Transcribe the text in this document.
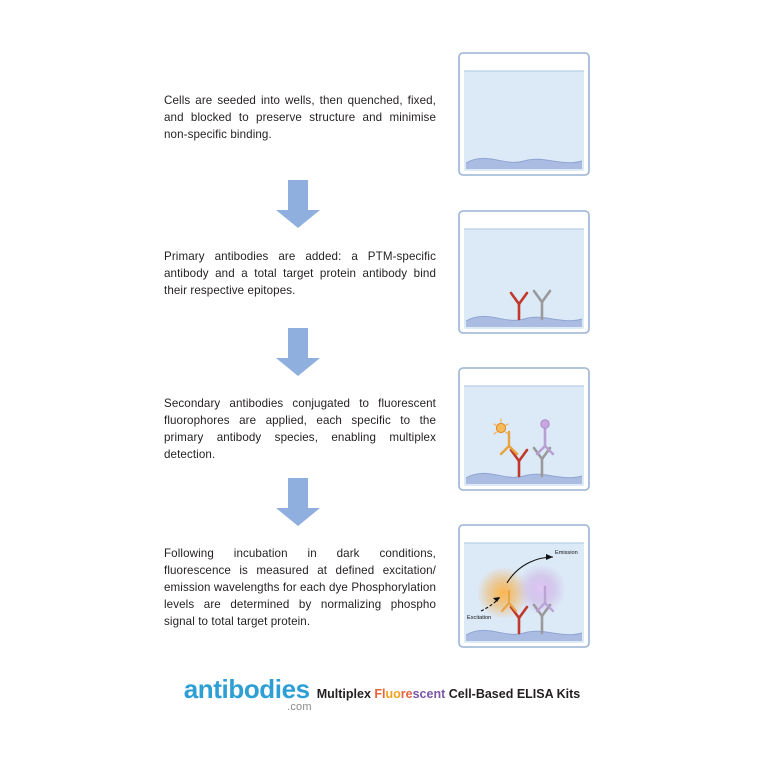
Cells are seeded into wells, then quenched, fixed, and blocked to preserve structure and minimise non-specific binding.
Primary antibodies are added: a PTM-specific antibody and a total target protein antibody bind their respective epitopes.
Secondary antibodies conjugated to fluorescent fluorophores are applied, each specific to the primary antibody species, enabling multiplex detection.
Following incubation in dark conditions, fluorescence is measured at defined excitation/ emission wavelengths for each dye Phosphorylation levels are determined by normalizing phospho signal to total target protein.
Emission
Excitation
antibodies
.com
Multiplex Fluorescent Cell-Based ELISA Kits
